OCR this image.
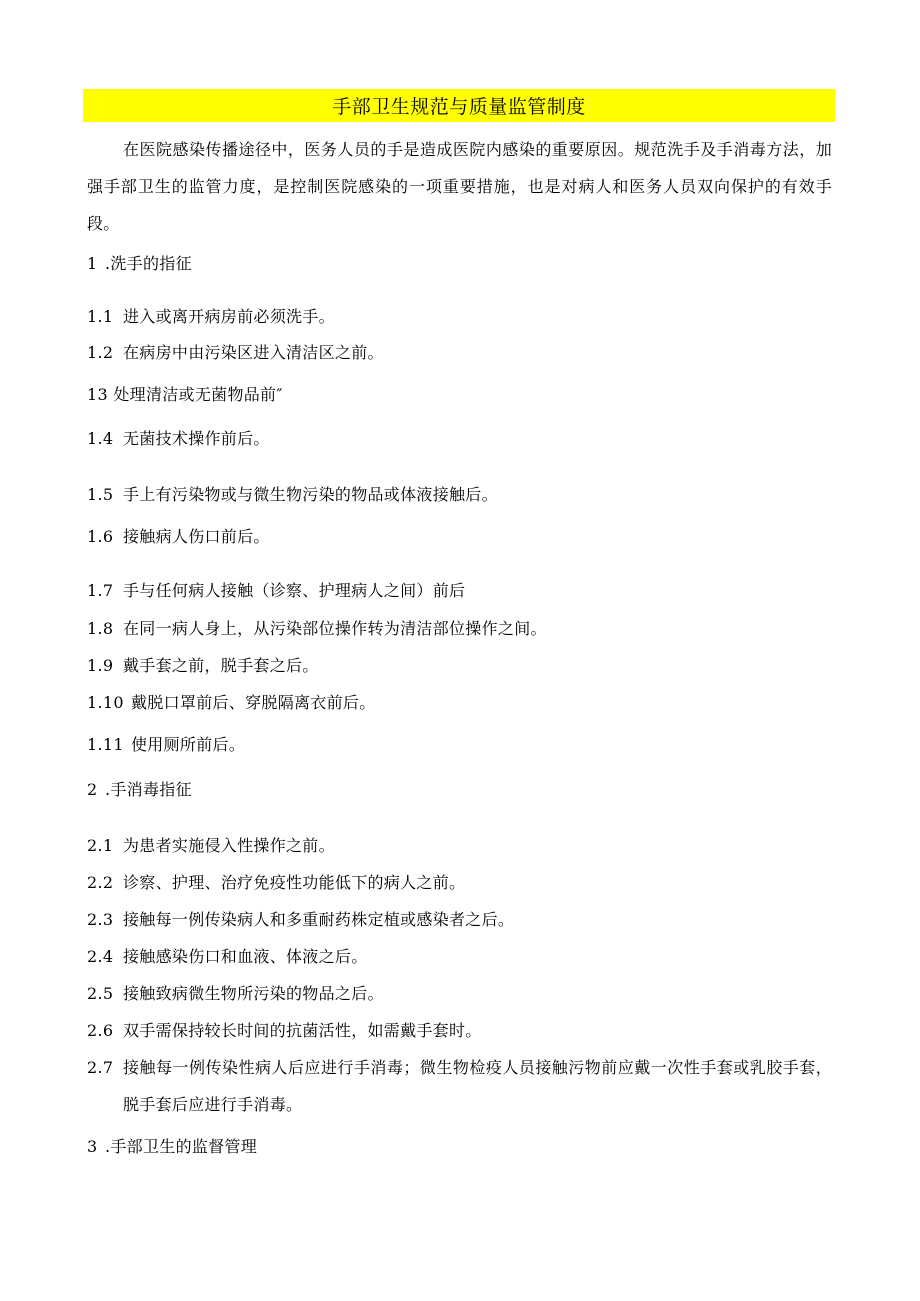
手部卫生规范与质量监管制度

在医院感染传播途径中，医务人员的手是造成医院内感染的重要原因。规范洗手及手消毒方法，加强手部卫生的监管力度，是控制医院感染的一项重要措施，也是对病人和医务人员双向保护的有效手段。

1 .洗手的指征
1.1 进入或离开病房前必须洗手。
1.2 在病房中由污染区进入清洁区之前。
13 处理清洁或无菌物品前″
1.4 无菌技术操作前后。
1.5 手上有污染物或与微生物污染的物品或体液接触后。
1.6 接触病人伤口前后。
1.7 手与任何病人接触（诊察、护理病人之间）前后
1.8 在同一病人身上，从污染部位操作转为清洁部位操作之间。
1.9 戴手套之前，脱手套之后。
1.10 戴脱口罩前后、穿脱隔离衣前后。
1.11 使用厕所前后。
2 .手消毒指征
2.1 为患者实施侵入性操作之前。
2.2 诊察、护理、治疗免疫性功能低下的病人之前。
2.3 接触每一例传染病人和多重耐药株定植或感染者之后。
2.4 接触感染伤口和血液、体液之后。
2.5 接触致病微生物所污染的物品之后。
2.6 双手需保持较长时间的抗菌活性，如需戴手套时。
2.7 接触每一例传染性病人后应进行手消毒；微生物检疫人员接触污物前应戴一次性手套或乳胶手套，脱手套后应进行手消毒。
3 .手部卫生的监督管理
